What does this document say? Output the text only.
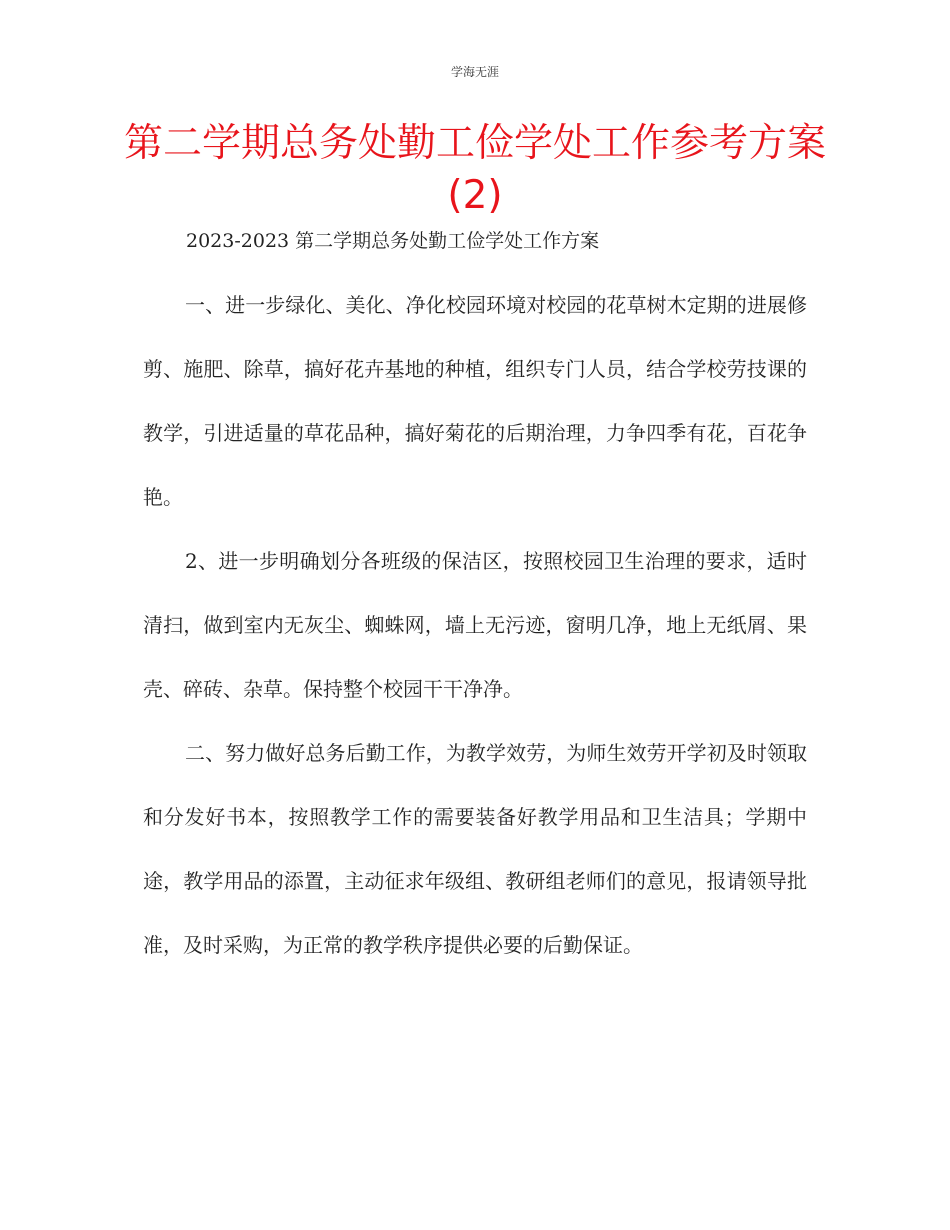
学海无涯
第二学期总务处勤工俭学处工作参考方案(2)
2023-2023 第二学期总务处勤工俭学处工作方案

一、进一步绿化、美化、净化校园环境对校园的花草树木定期的进展修剪、施肥、除草，搞好花卉基地的种植，组织专门人员，结合学校劳技课的教学，引进适量的草花品种，搞好菊花的后期治理，力争四季有花，百花争艳。

2、进一步明确划分各班级的保洁区，按照校园卫生治理的要求，适时清扫，做到室内无灰尘、蜘蛛网，墙上无污迹，窗明几净，地上无纸屑、果壳、碎砖、杂草。保持整个校园干干净净。

二、努力做好总务后勤工作，为教学效劳，为师生效劳开学初及时领取和分发好书本，按照教学工作的需要装备好教学用品和卫生洁具；学期中途，教学用品的添置，主动征求年级组、教研组老师们的意见，报请领导批准，及时采购，为正常的教学秩序提供必要的后勤保证。
